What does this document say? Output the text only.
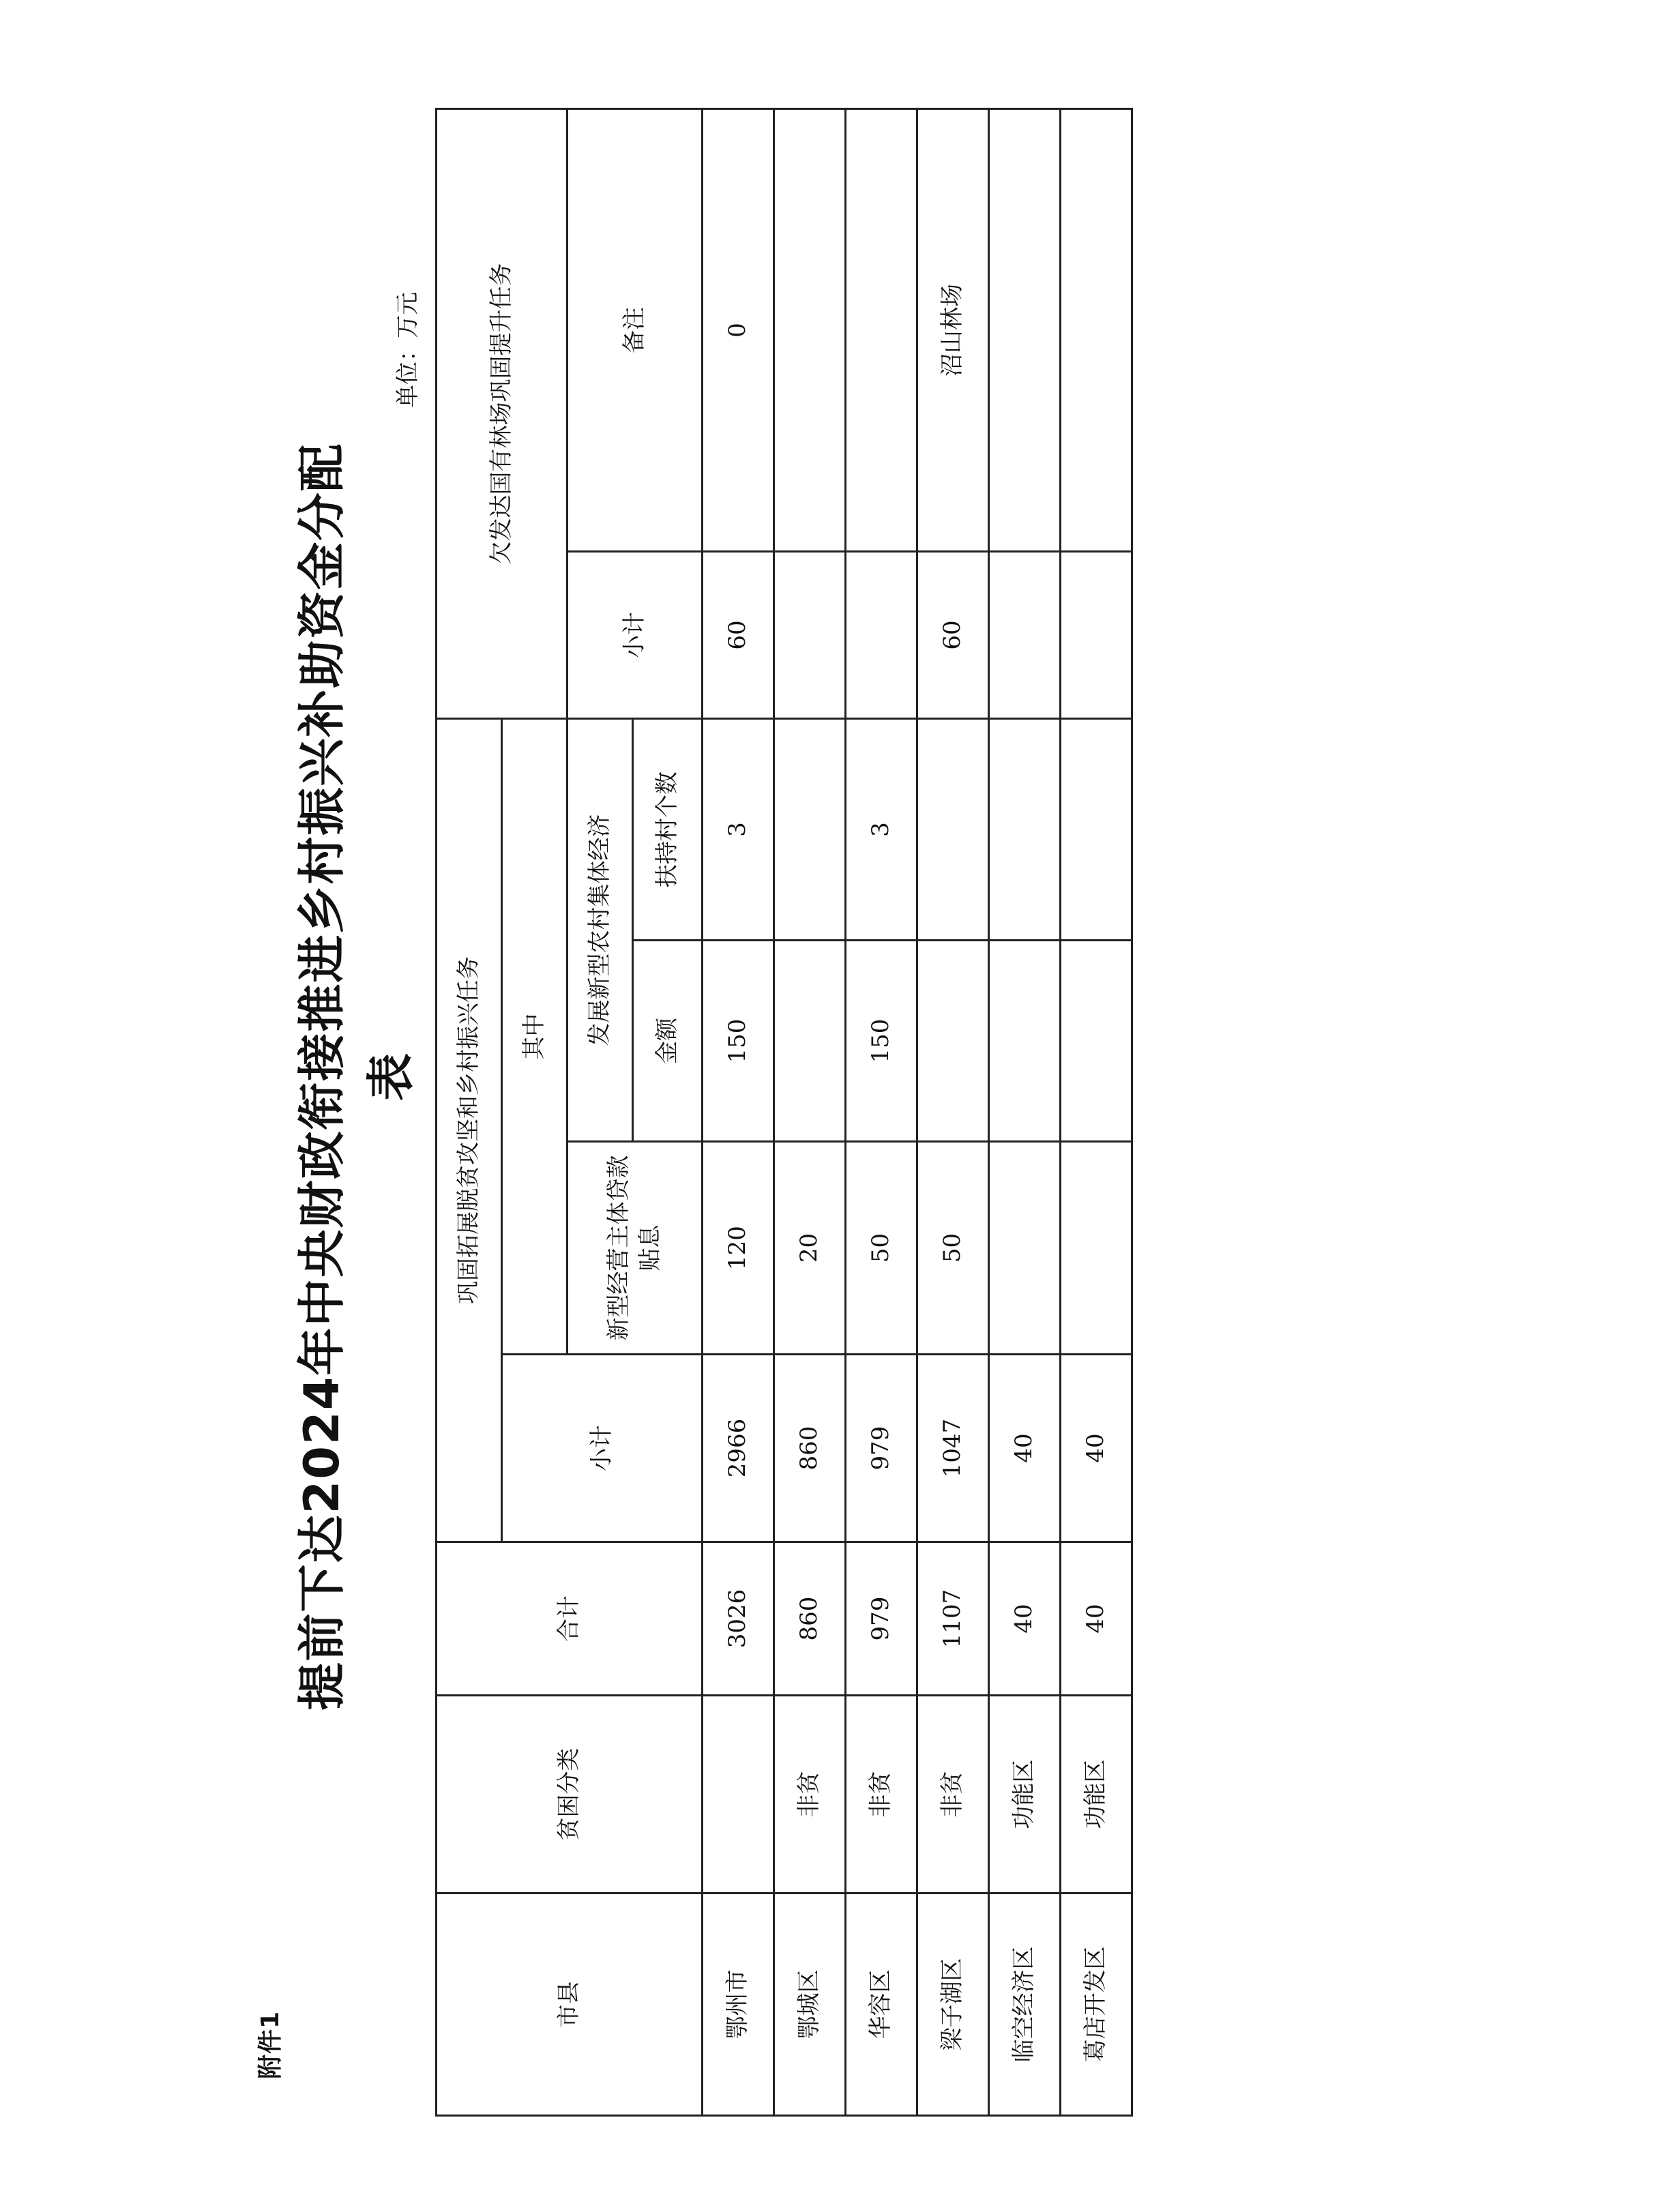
附件1
提前下达2024年中央财政衔接推进乡村振兴补助资金分配表
单位：万元
市县	贫困分类	合计	巩固拓展脱贫攻坚和乡村振兴任务				欠发达国有林场巩固提升任务	
			小计	其中				
				新型经营主体贷款贴息	发展新型农村集体经济		小计	备注
					金额	扶持村个数		
鄂州市		3026	2966	120	150	3	60	0
鄂城区	非贫	860	860	20				
华容区	非贫	979	979	50	150	3		
梁子湖区	非贫	1107	1047	50			60	沼山林场
临空经济区	功能区	40	40					
葛店开发区	功能区	40	40					
